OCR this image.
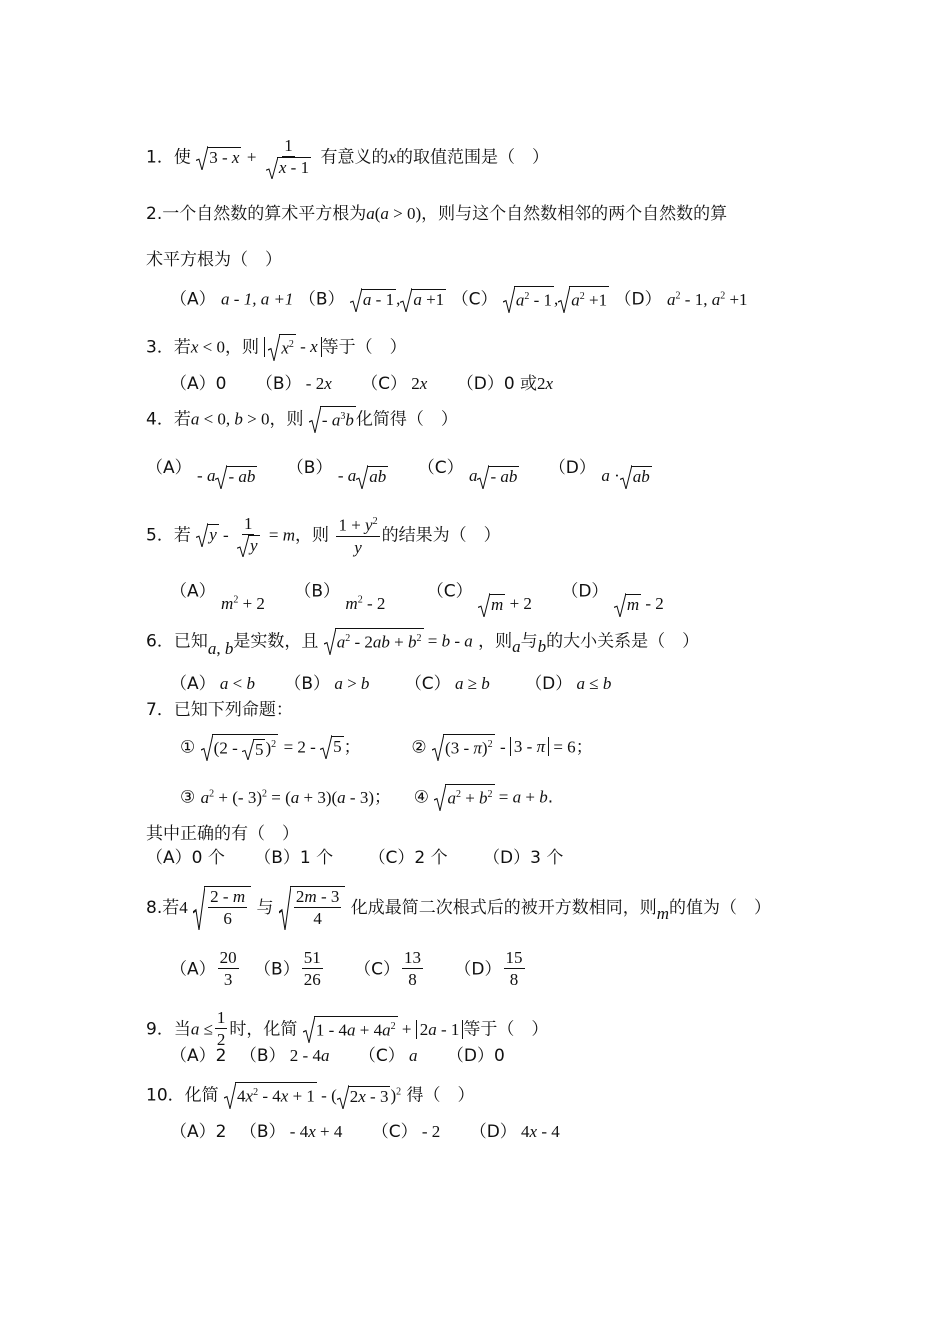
1．使 $3 - x + \frac{1}{x - 1}$ 有意义的x的取值范围是（　）
2.一个自然数的算术平方根为a(a > 0)，则与这个自然数相邻的两个自然数的算
术平方根为（　）
（A） a - 1, a +1 （B） a - 1 , a +1 （C） $a^2 - 1$ , $a^2 +1$ （D） $a^2 - 1$, $a^2 +1$
3．若x < 0，则 $x^2$ - x 等于（　）
（A）0 （B） - 2x （C） 2x （D）0 或2x
4．若a < 0, b > 0，则 - $a^3b$ 化简得（　）
（A） - a - ab （B） - a ab （C） a - ab （D） a · ab
5．若 $y - \frac{1}{y} = m$，则 $\frac{1 + y^2}{y}$ 的结果为（　）
（A） $m^2 + 2$ （B） $m^2 - 2$ （C）
m + 2 （D）
m - 2
6．已知a, b是实数，且 $a^2 - 2ab + b^2 = b - a$ ，则a与b的大小关系是（　）
（A） a < b （B） a > b （C） a ≥ b （D） a ≤ b
7．已知下列命题：
① (2 -
5 )$^2$ = 2 -
5 ；	② (3 - π)$^2$ - 3 - π = 6；
③ $a^2$ + (- 3)$^2$ = (a + 3)(a - 3)； ④ $a^2 + b^2 = a + b$.
其中正确的有（　）
（A）0 个 （B）1 个 （C）2 个 （D）3 个
8.若$4 \frac{2 - m}{6}$ 与 $\frac{2m - 3}{4}$ 化成最简二次根式后的被开方数相同，则m的值为（　）
$(A) \frac{20}{3} (B) \frac{51}{26} (C) \frac{13}{8} (D) \frac{15}{8}$
9．当$a \le \frac{1}{2}$ 时，化简 $1 - 4a + 4a^2 + 2a - 1$ 等于（　）
（A）2 （B） 2 - 4a （C） a （D）0
10．化简 $4x^2 - 4x + 1$ - ( 2x - 3 )$^2$ 得（　）
（A）2 （B） - 4x + 4 （C） - 2 （D） 4x - 4
